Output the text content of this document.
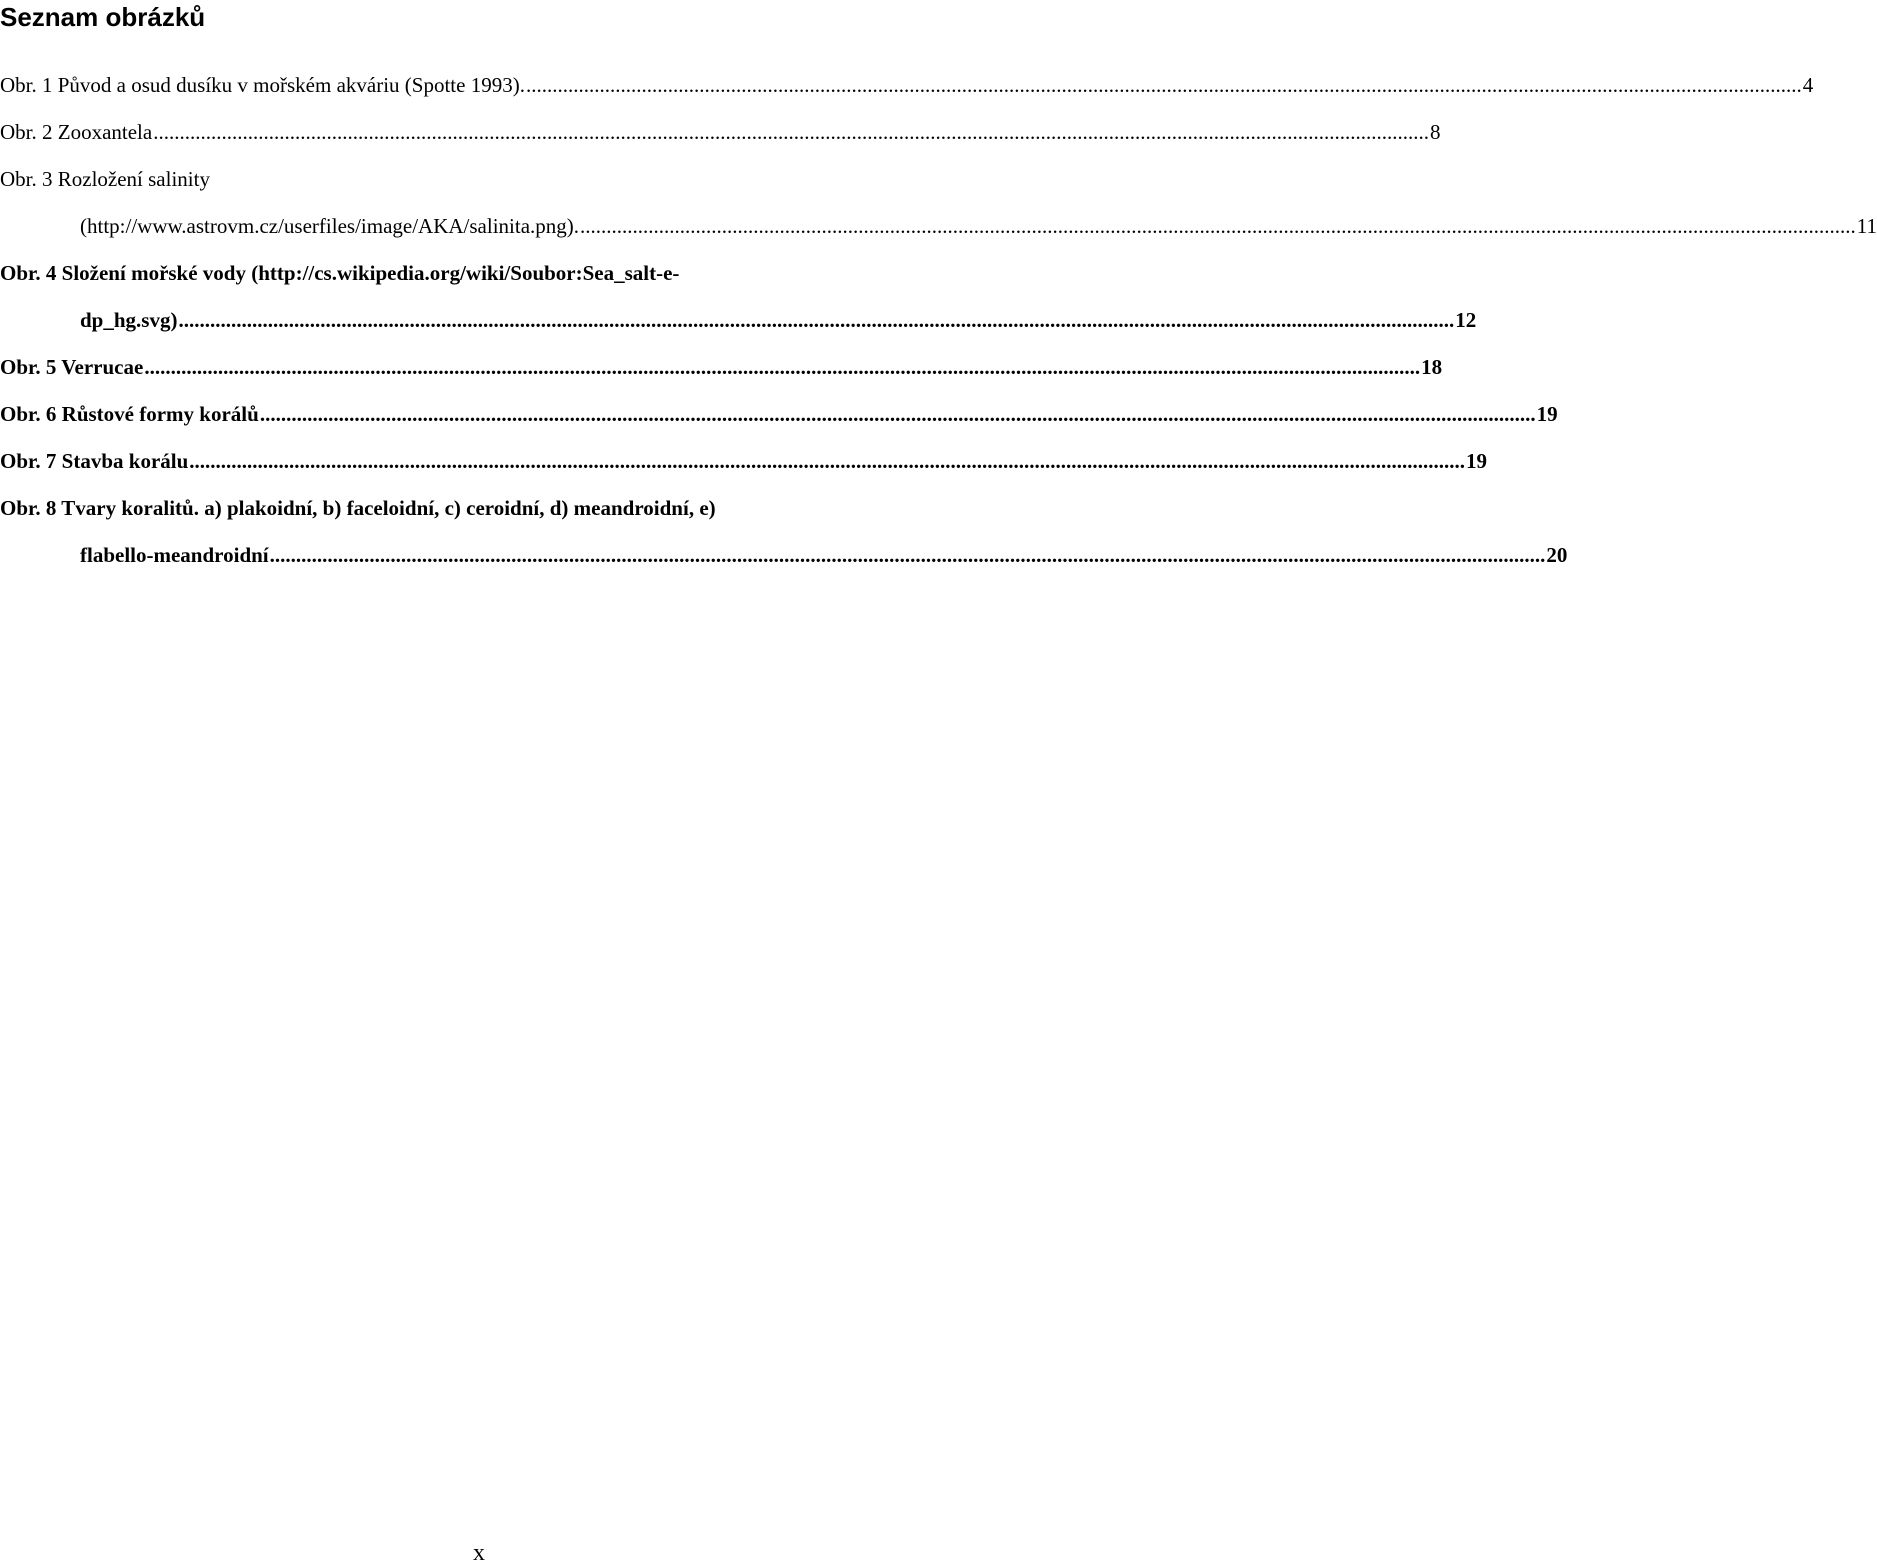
Seznam obrázků
Obr. 1 Původ a osud dusíku v mořském akváriu (Spotte 1993). .....	4
Obr. 2 Zooxantela .....	8
Obr. 3 Rozložení salinity
(http://www.astrovm.cz/userfiles/image/AKA/salinita.png). .....	11
Obr. 4 Složení mořské vody (http://cs.wikipedia.org/wiki/Soubor:Sea_salt-e-
dp_hg.svg) .....	12
Obr. 5 Verrucae .....	18
Obr. 6 Růstové formy korálů .....	19
Obr. 7 Stavba korálu .....	19
Obr. 8 Tvary koralitů. a) plakoidní, b) faceloidní, c) ceroidní, d) meandroidní, e)
flabello-meandroidní .....	20
x
